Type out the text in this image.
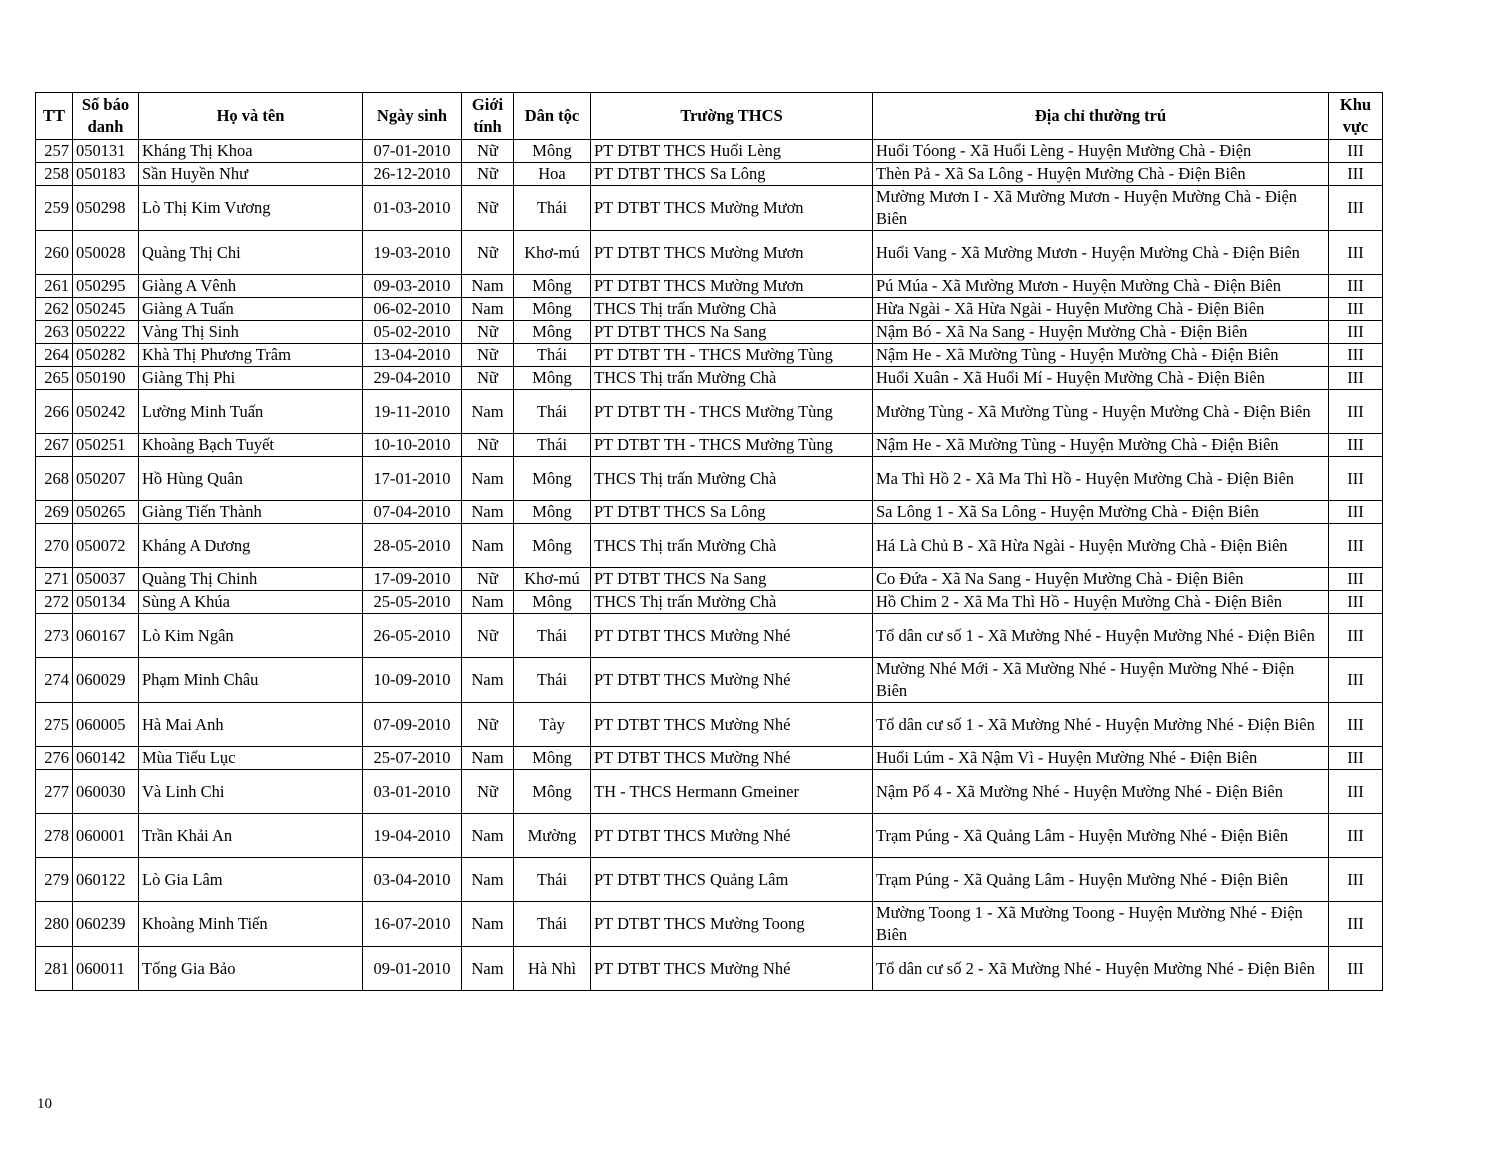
TT	Số báo danh	Họ và tên	Ngày sinh	Giới tính	Dân tộc	Trường THCS	Địa chỉ thường trú	Khu vực
257	050131	Kháng Thị Khoa	07-01-2010	Nữ	Mông	PT DTBT THCS Huổi Lèng	Huổi Tóong - Xã Huổi Lèng - Huyện Mường Chà - Điện	III
258	050183	Sần Huyền Như	26-12-2010	Nữ	Hoa	PT DTBT THCS Sa Lông	Thèn Pả - Xã Sa Lông - Huyện Mường Chà - Điện Biên	III
259	050298	Lò Thị Kim Vương	01-03-2010	Nữ	Thái	PT DTBT THCS Mường Mươn	Mường Mươn I - Xã Mường Mươn - Huyện Mường Chà - Điện Biên	III
260	050028	Quàng Thị Chi	19-03-2010	Nữ	Khơ-mú	PT DTBT THCS Mường Mươn	Huổi Vang - Xã Mường Mươn - Huyện Mường Chà - Điện Biên	III
261	050295	Giàng A Vênh	09-03-2010	Nam	Mông	PT DTBT THCS Mường Mươn	Pú Múa - Xã Mường Mươn - Huyện Mường Chà - Điện Biên	III
262	050245	Giàng A Tuấn	06-02-2010	Nam	Mông	THCS Thị trấn Mường Chà	Hừa Ngài - Xã Hừa Ngài - Huyện Mường Chà - Điện Biên	III
263	050222	Vàng Thị Sinh	05-02-2010	Nữ	Mông	PT DTBT THCS Na Sang	Nậm Bó - Xã Na Sang - Huyện Mường Chà - Điện Biên	III
264	050282	Khà Thị Phương Trâm	13-04-2010	Nữ	Thái	PT DTBT TH - THCS Mường Tùng	Nậm He - Xã Mường Tùng - Huyện Mường Chà - Điện Biên	III
265	050190	Giàng Thị Phi	29-04-2010	Nữ	Mông	THCS Thị trấn Mường Chà	Huổi Xuân - Xã Huổi Mí - Huyện Mường Chà - Điện Biên	III
266	050242	Lường Minh Tuấn	19-11-2010	Nam	Thái	PT DTBT TH - THCS Mường Tùng	Mường Tùng - Xã Mường Tùng - Huyện Mường Chà - Điện Biên	III
267	050251	Khoàng Bạch Tuyết	10-10-2010	Nữ	Thái	PT DTBT TH - THCS Mường Tùng	Nậm He - Xã Mường Tùng - Huyện Mường Chà - Điện Biên	III
268	050207	Hồ Hùng Quân	17-01-2010	Nam	Mông	THCS Thị trấn Mường Chà	Ma Thì Hồ 2 - Xã Ma Thì Hồ - Huyện Mường Chà - Điện Biên	III
269	050265	Giàng Tiến Thành	07-04-2010	Nam	Mông	PT DTBT THCS Sa Lông	Sa Lông 1 - Xã Sa Lông - Huyện Mường Chà - Điện Biên	III
270	050072	Kháng A Dương	28-05-2010	Nam	Mông	THCS Thị trấn Mường Chà	Há Là Chủ B - Xã Hừa Ngài - Huyện Mường Chà - Điện Biên	III
271	050037	Quàng Thị Chinh	17-09-2010	Nữ	Khơ-mú	PT DTBT THCS Na Sang	Co Đứa - Xã Na Sang - Huyện Mường Chà - Điện Biên	III
272	050134	Sùng A Khúa	25-05-2010	Nam	Mông	THCS Thị trấn Mường Chà	Hồ Chim 2 - Xã Ma Thì Hồ - Huyện Mường Chà - Điện Biên	III
273	060167	Lò Kim Ngân	26-05-2010	Nữ	Thái	PT DTBT THCS Mường Nhé	Tổ dân cư số 1 - Xã Mường Nhé - Huyện Mường Nhé - Điện Biên	III
274	060029	Phạm Minh Châu	10-09-2010	Nam	Thái	PT DTBT THCS Mường Nhé	Mường Nhé Mới - Xã Mường Nhé - Huyện Mường Nhé - Điện Biên	III
275	060005	Hà Mai Anh	07-09-2010	Nữ	Tày	PT DTBT THCS Mường Nhé	Tổ dân cư số 1 - Xã Mường Nhé - Huyện Mường Nhé - Điện Biên	III
276	060142	Mùa Tiểu Lục	25-07-2010	Nam	Mông	PT DTBT THCS Mường Nhé	Huổi Lúm - Xã Nậm Vì - Huyện Mường Nhé - Điện Biên	III
277	060030	Và Linh Chi	03-01-2010	Nữ	Mông	TH - THCS Hermann Gmeiner	Nậm Pố 4 - Xã Mường Nhé - Huyện Mường Nhé - Điện Biên	III
278	060001	Trần Khải An	19-04-2010	Nam	Mường	PT DTBT THCS Mường Nhé	Trạm Púng - Xã Quảng Lâm - Huyện Mường Nhé - Điện Biên	III
279	060122	Lò Gia Lâm	03-04-2010	Nam	Thái	PT DTBT THCS Quảng Lâm	Trạm Púng - Xã Quảng Lâm - Huyện Mường Nhé - Điện Biên	III
280	060239	Khoàng Minh Tiến	16-07-2010	Nam	Thái	PT DTBT THCS Mường Toong	Mường Toong 1 - Xã Mường Toong - Huyện Mường Nhé - Điện Biên	III
281	060011	Tống Gia Bảo	09-01-2010	Nam	Hà Nhì	PT DTBT THCS Mường Nhé	Tổ dân cư số 2 - Xã Mường Nhé - Huyện Mường Nhé - Điện Biên	III
10
